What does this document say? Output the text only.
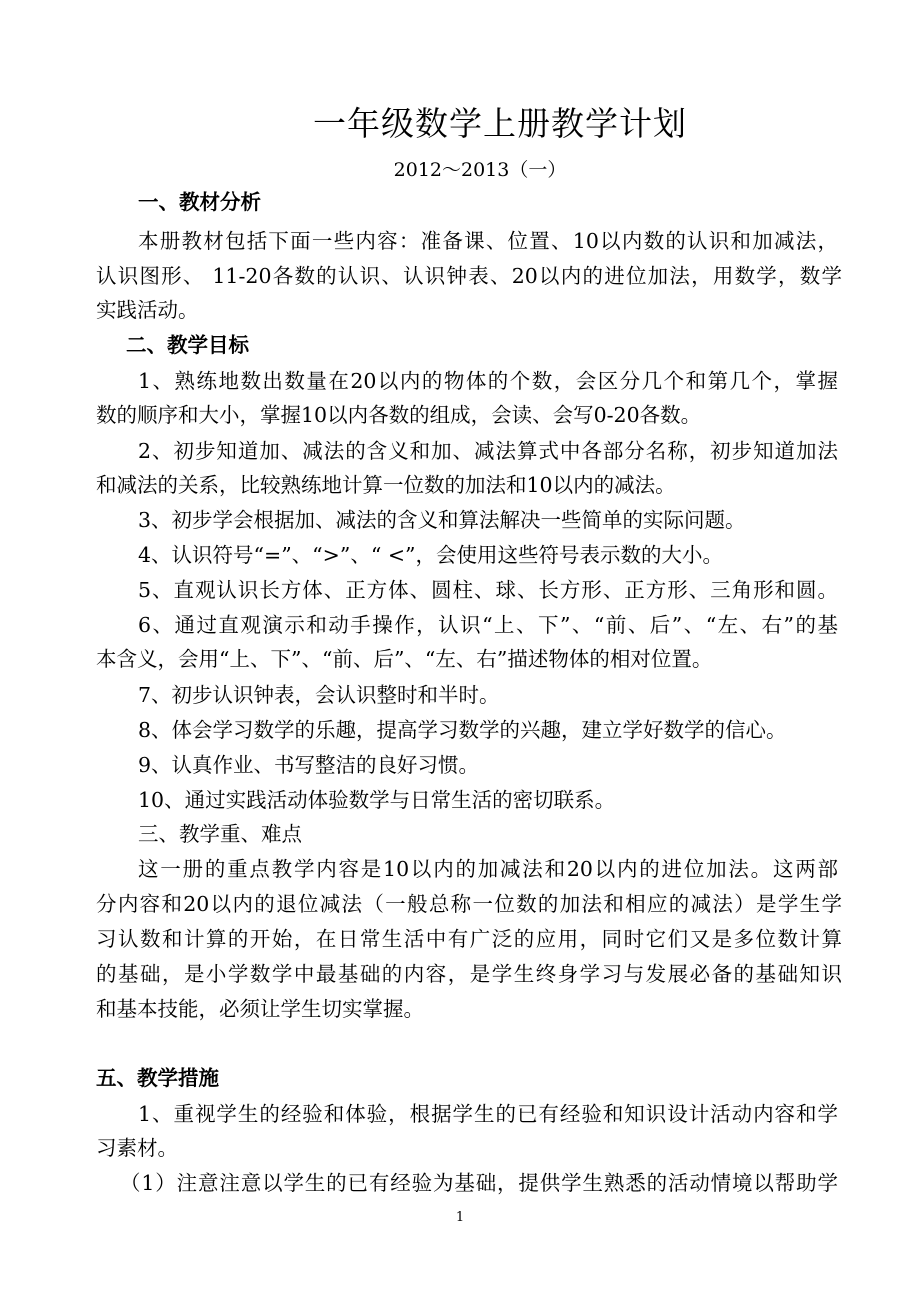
一年级数学上册教学计划
2012～2013（一）
一、教材分析
本册教材包括下面一些内容：准备课、位置、10以内数的认识和加减法，
认识图形、 11-20各数的认识、认识钟表、20以内的进位加法，用数学，数学
实践活动。
二、教学目标
1、熟练地数出数量在20以内的物体的个数，会区分几个和第几个，掌握
数的顺序和大小，掌握10以内各数的组成，会读、会写0-20各数。
2、初步知道加、减法的含义和加、减法算式中各部分名称，初步知道加法
和减法的关系，比较熟练地计算一位数的加法和10以内的减法。
3、初步学会根据加、减法的含义和算法解决一些简单的实际问题。
4、认识符号“=”、“>”、“ <”，会使用这些符号表示数的大小。
5、直观认识长方体、正方体、圆柱、球、长方形、正方形、三角形和圆。
6、通过直观演示和动手操作，认识“上、下”、“前、后”、“左、右”的基
本含义，会用“上、下”、“前、后”、“左、右”描述物体的相对位置。
7、初步认识钟表，会认识整时和半时。
8、体会学习数学的乐趣，提高学习数学的兴趣，建立学好数学的信心。
9、认真作业、书写整洁的良好习惯。
10、通过实践活动体验数学与日常生活的密切联系。
三、教学重、难点
这一册的重点教学内容是10以内的加减法和20以内的进位加法。这两部
分内容和20以内的退位减法（一般总称一位数的加法和相应的减法）是学生学
习认数和计算的开始，在日常生活中有广泛的应用，同时它们又是多位数计算
的基础，是小学数学中最基础的内容，是学生终身学习与发展必备的基础知识
和基本技能，必须让学生切实掌握。
五、教学措施
1、重视学生的经验和体验，根据学生的已有经验和知识设计活动内容和学
习素材。
（1）注意注意以学生的已有经验为基础，提供学生熟悉的活动情境以帮助学
1
